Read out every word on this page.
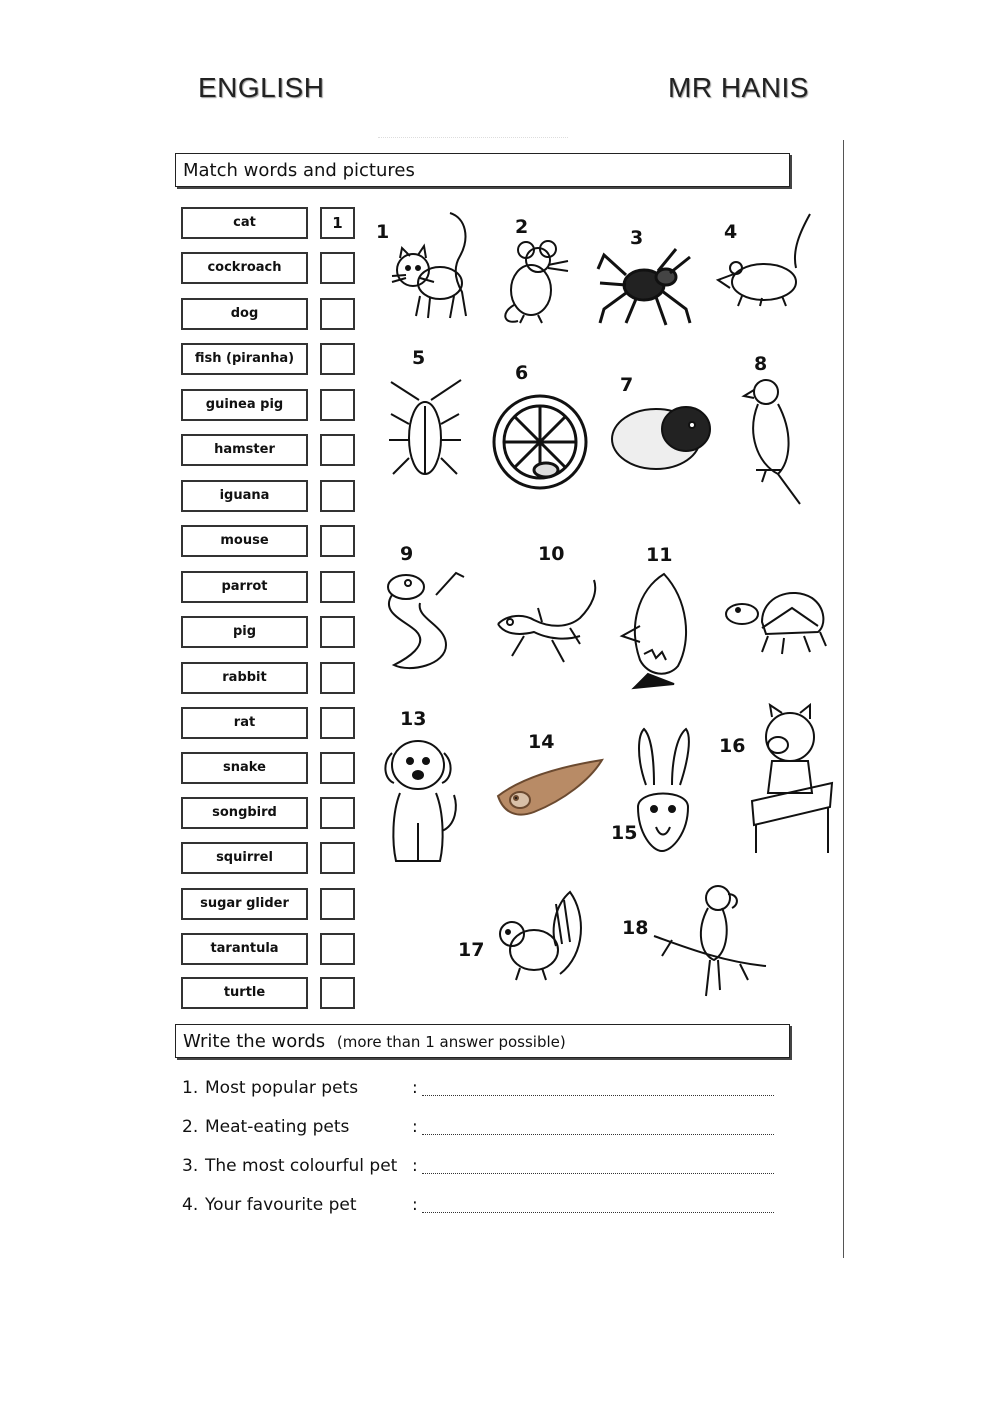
ENGLISH	MR HANIS
Match words and pictures
cat	1
cockroach
dog
fish (piranha)
guinea pig
hamster
iguana
mouse
parrot
pig
rabbit
rat
snake
songbird
squirrel
sugar glider
tarantula
turtle
1	2	3	4
5
6
7
8
9	10	11
13
14
15
16
17
18
Write the words (more than 1 answer possible)
1. Most popular pets	:
2. Meat-eating pets	:
3. The most colourful pet :
4. Your favourite pet	:
